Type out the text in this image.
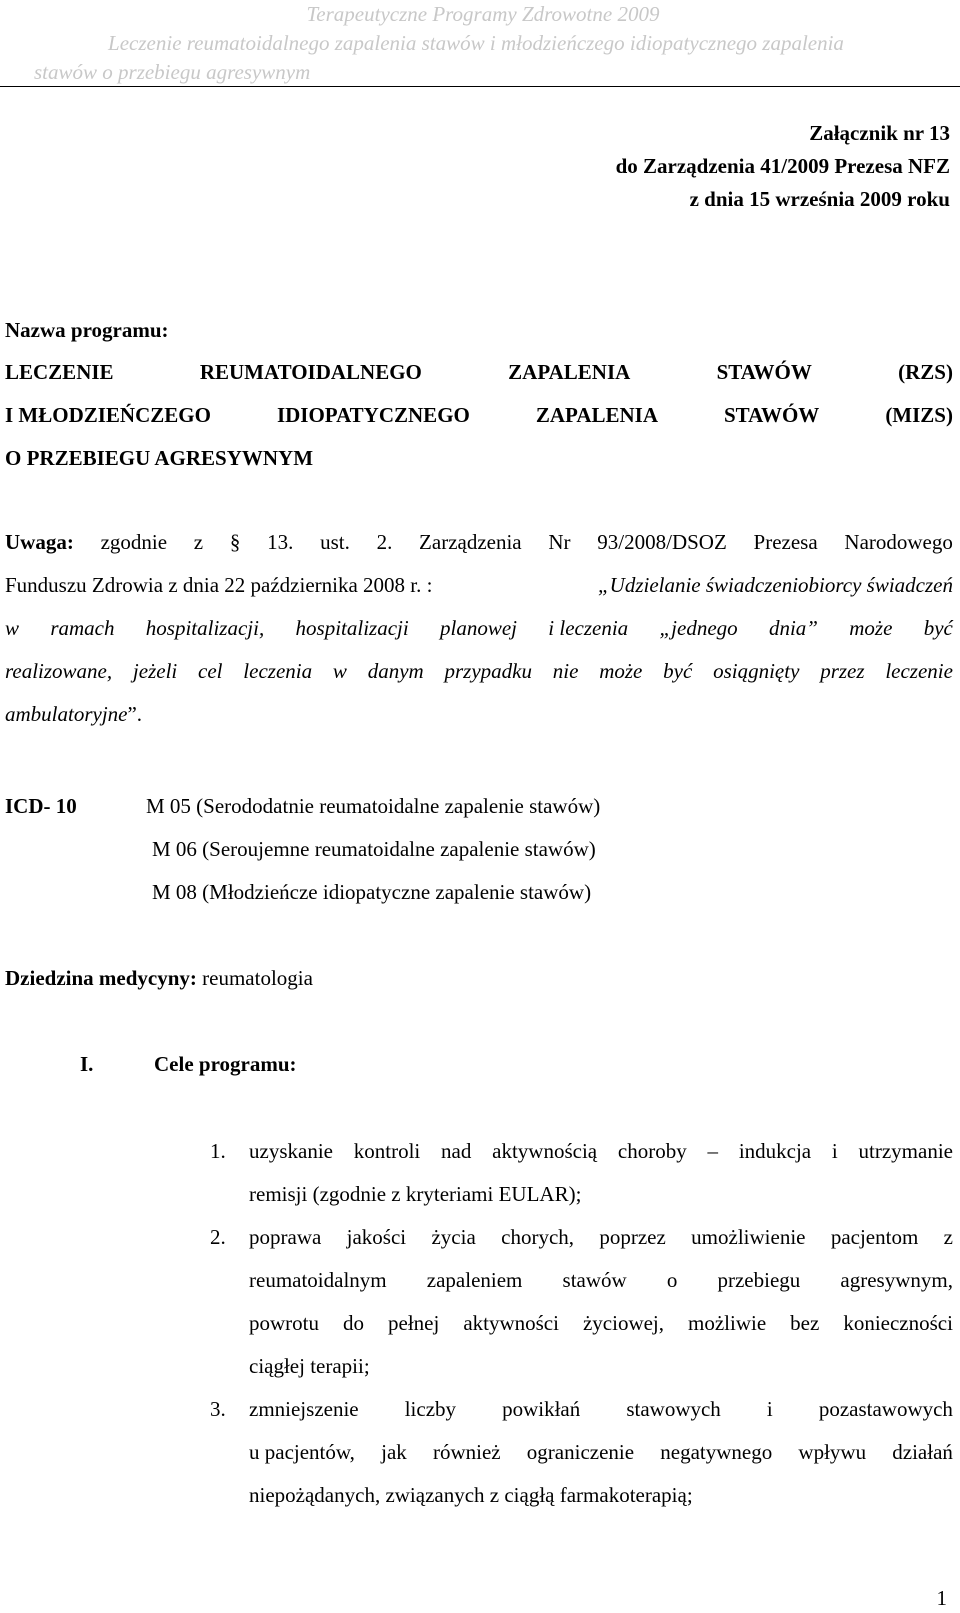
Terapeutyczne Programy Zdrowotne 2009
Leczenie reumatoidalnego zapalenia stawów i młodzieńczego idiopatycznego zapalenia
stawów o przebiegu agresywnym
Załącznik nr 13
do Zarządzenia 41/2009 Prezesa NFZ
z dnia 15 września 2009 roku
Nazwa programu:
LECZENIE	REUMATOIDALNEGO	ZAPALENIA	STAWÓW	(RZS)
I MŁODZIEŃCZEGO	IDIOPATYCZNEGO	ZAPALENIA	STAWÓW	(MIZS)
O PRZEBIEGU AGRESYWNYM
Uwaga: zgodnie z § 13. ust. 2. Zarządzenia Nr 93/2008/DSOZ Prezesa Narodowego
Funduszu Zdrowia z dnia 22 października 2008 r. :	„Udzielanie świadczeniobiorcy świadczeń
w ramach hospitalizacji, hospitalizacji planowej i leczenia „jednego dnia” może być
realizowane, jeżeli cel leczenia w danym przypadku nie może być osiągnięty przez leczenie
ambulatoryjne”.
ICD- 10	M 05 (Serododatnie reumatoidalne zapalenie stawów)
M 06 (Seroujemne reumatoidalne zapalenie stawów)
M 08 (Młodzieńcze idiopatyczne zapalenie stawów)
Dziedzina medycyny: reumatologia
I.	Cele programu:
1. uzyskanie kontroli nad aktywnością choroby – indukcja i utrzymanie
remisji (zgodnie z kryteriami EULAR);
2. poprawa jakości życia chorych, poprzez umożliwienie pacjentom z
reumatoidalnym zapaleniem stawów o przebiegu agresywnym,
powrotu do pełnej aktywności życiowej, możliwie bez konieczności
ciągłej terapii;
3. zmniejszenie liczby powikłań stawowych i pozastawowych
u pacjentów, jak również ograniczenie negatywnego wpływu działań
niepożądanych, związanych z ciągłą farmakoterapią;
1
